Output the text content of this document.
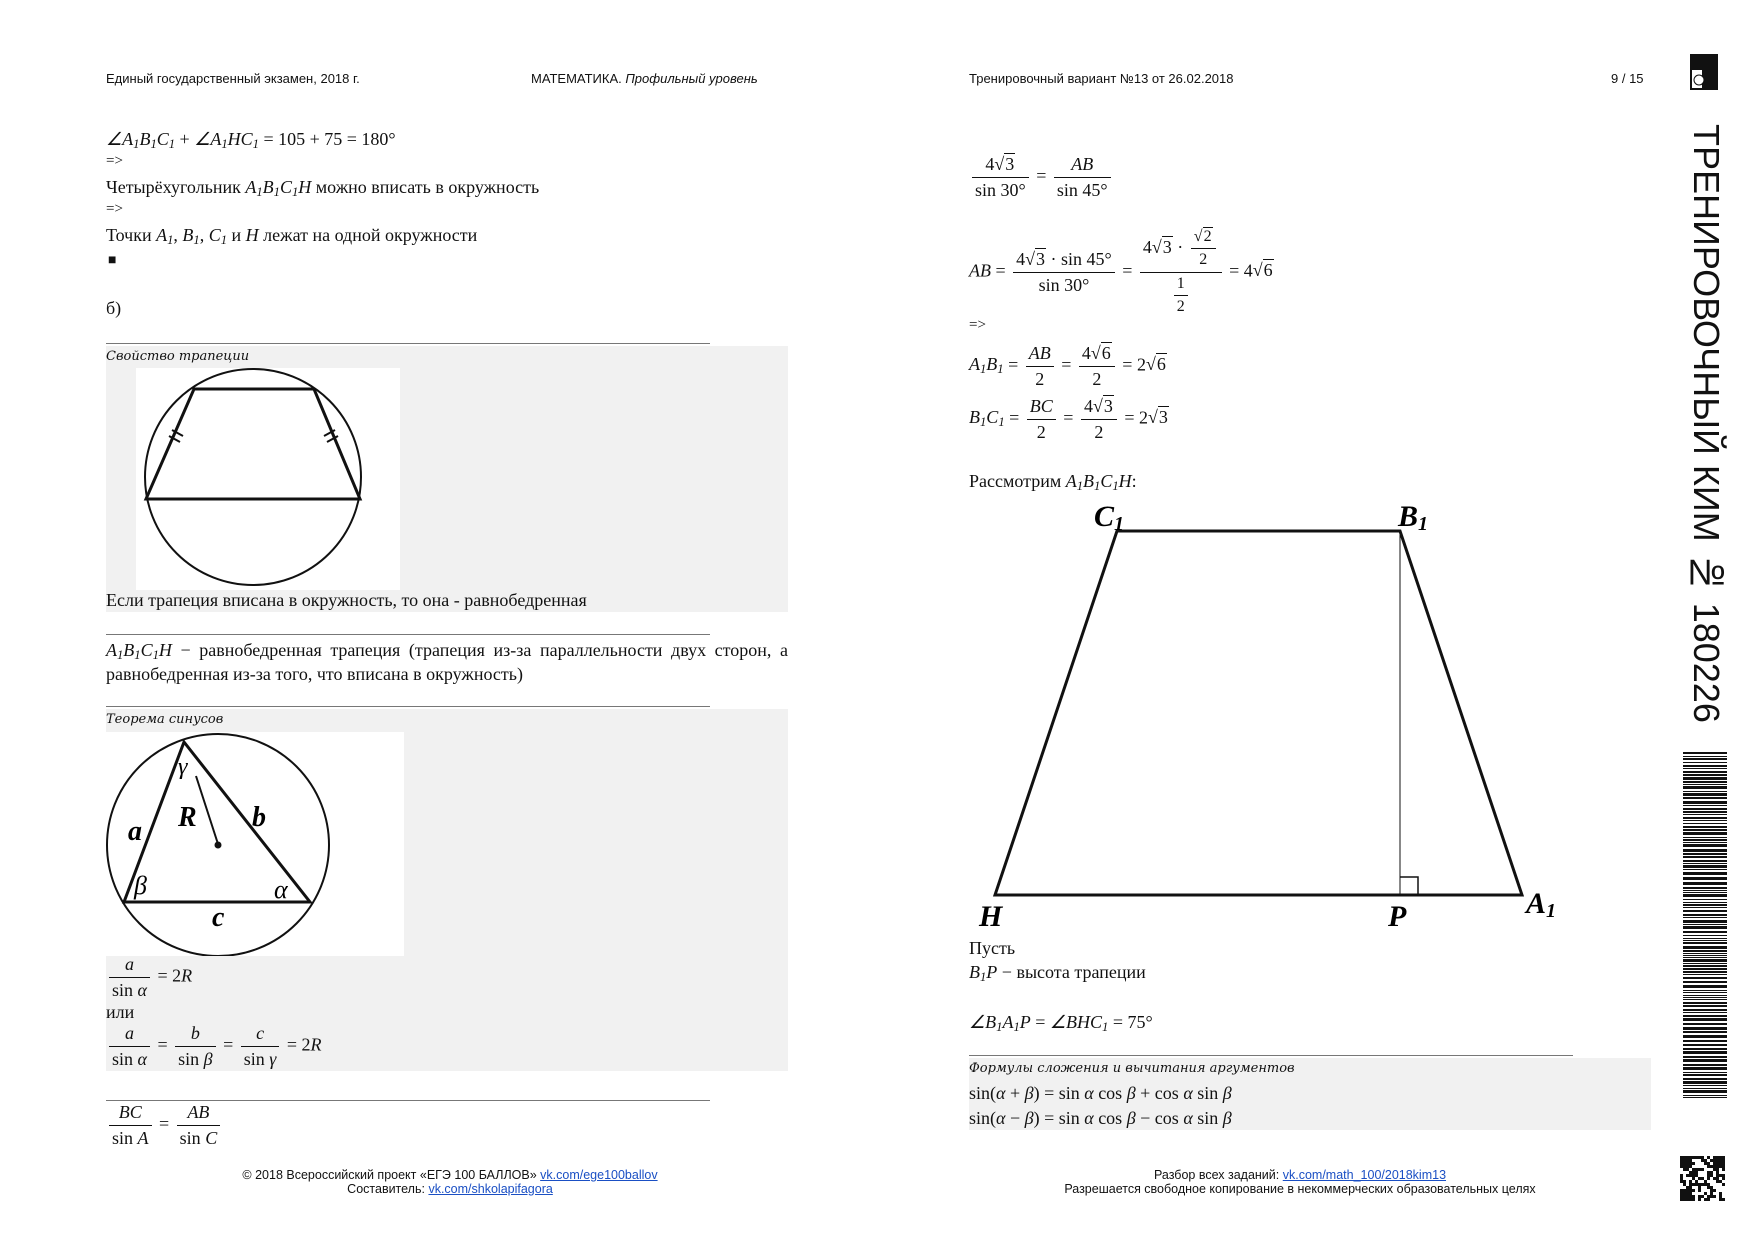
Единый государственный экзамен, 2018 г.	МАТЕМАТИКА. Профильный уровень	Тренировочный вариант №13 от 26.02.2018	9 / 15
ТРЕНИРОВОЧНЫЙ КИМ № 180226
$\angle A_1B_1C_1$ + $\angle A_1HC_1 = 105 + 75 = 180^\circ$
=>
Четырёхугольник $A_1B_1C_1H$ можно вписать в окружность
=>
Точки $A_1$, $B_1$, $C_1$ и H лежат на одной окружности
■
б)
Свойство трапеции
Если трапеция вписана в окружность, то она - равнобедренная
$A_1B_1C_1H$ − равнобедренная трапеция (трапеция из-за параллельности двух сторон, а равнобедренная из-за того, что вписана в окружность)
Теорема синусов
a	b
c
R
α
β
γ
$\frac{a}{\text{sin α}} = 2R$
или
$\frac{a}{\text{sin α}} = \frac{b}{\text{sin β}} = \frac{c}{\text{sin γ}} = 2R$
$\frac{BC}{\text{sin A}} = \frac{AB}{\text{sin C}}$
$\frac{4√3}{\sin 30^\circ} = \frac{AB}{\sin 45^\circ}$
AB = $\frac{4√3 \cdot \sin 45^\circ}{\sin 30^\circ} = \frac{4√3 \cdot \frac{√2}{2}}{\frac{1}{2}} = 4√6$
=>
$A_1B_1 = \frac{AB}{2} = \frac{4√6}{2} = 2√6$
$B_1C_1 = \frac{BC}{2} = \frac{4√3}{2} = 2√3$
Рассмотрим $A_1B_1C_1H$:
C 1	B 1
H	P	A 1
Пусть
$B_1P$ − высота трапеции
$\angle B_1A_1P$ = $\angle BHC_1 = 75^\circ$
Формулы сложения и вычитания аргументов
sin(α + β) = sin α cos β + cos α sin β
sin(α − β) = sin α cos β − cos α sin β
© 2018 Всероссийский проект «ЕГЭ 100 БАЛЛОВ» vk.com/ege100ballov
Составитель: vk.com/shkolapifagora
Разбор всех заданий: vk.com/math_100/2018kim13
Разрешается свободное копирование в некоммерческих образовательных целях
